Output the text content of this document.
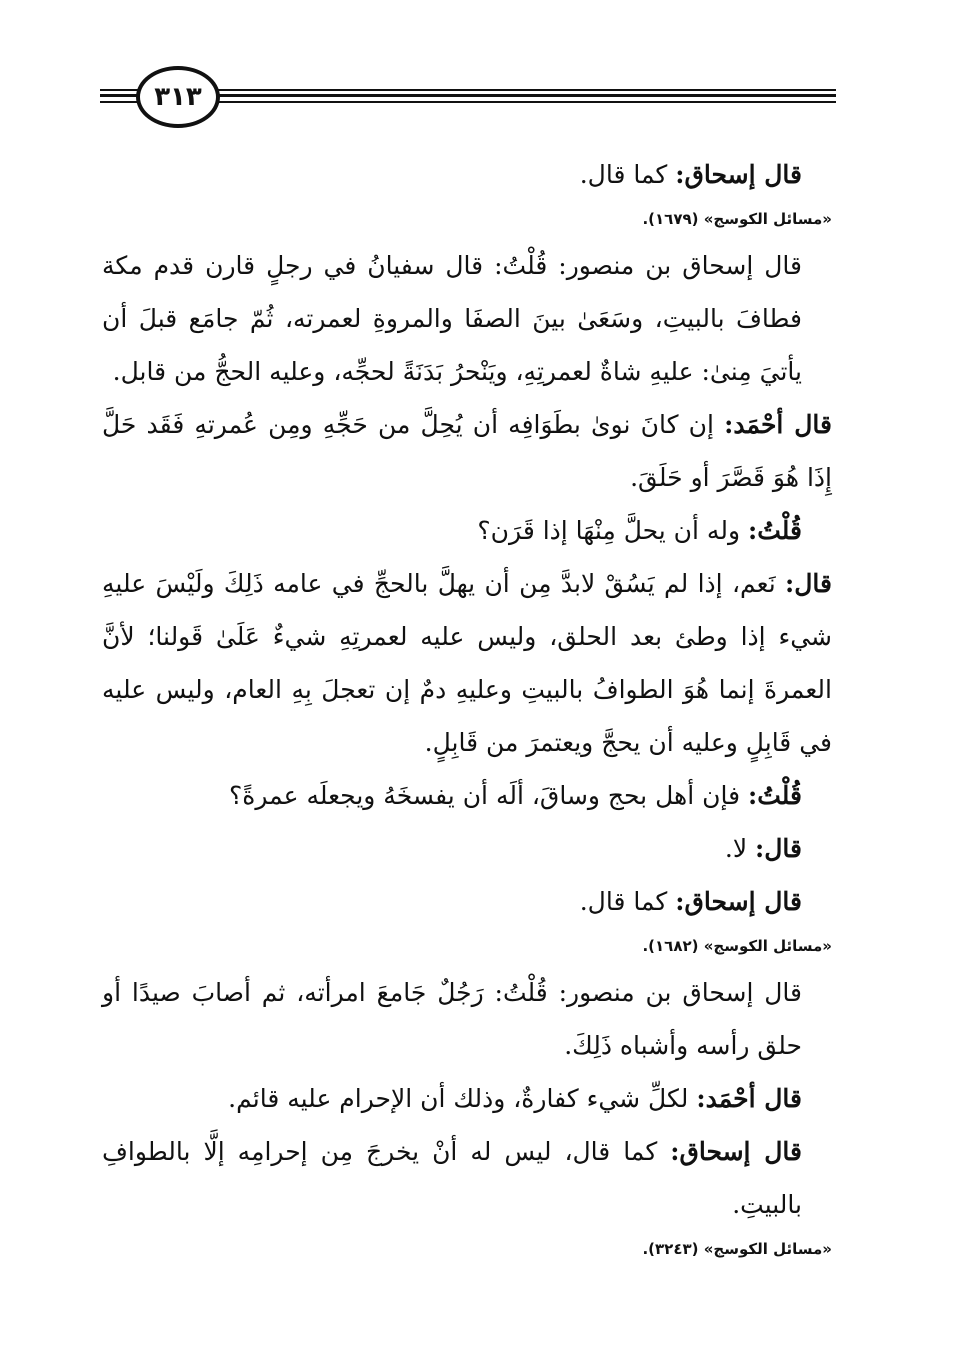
٣١٣

قال إسحاق: كما قال.

«مسائل الكوسج» (١٦٧٩).

قال إسحاق بن منصور: قُلْتُ: قال سفيانُ في رجلٍ قارن قدم مكة فطافَ بالبيتِ، وسَعَىٰ بينَ الصفَا والمروةِ لعمرته، ثُمّ جامَع قبلَ أن يأتيَ مِنىٰ: عليهِ شاةٌ لعمرتِهِ، ويَنْحرُ بَدَنَةً لحجِّه، وعليه الحجُّ من قابل.

قال أحْمَد: إن كانَ نوىٰ بطَوَافِه أن يُحِلَّ من حَجِّهِ ومِن عُمرتهِ فَقَد حَلَّ إِذَا هُوَ قَصَّرَ أو حَلَقَ.

قُلْتُ: وله أن يحلَّ مِنْهَا إذا قَرَن؟

قال: نَعم، إذا لم يَسُقْ لابدَّ مِن أن يهلَّ بالحجِّ في عامه ذَلِكَ ولَيْسَ عليهِ شيء إذا وطئ بعد الحلق، وليس عليه لعمرتِهِ شيءٌ عَلَىٰ قَولنا؛ لأنَّ العمرةَ إنما هُوَ الطوافُ بالبيتِ وعليهِ دمٌ إن تعجلَ بِهِ العام، وليس عليه في قَابِلٍ وعليه أن يحجَّ ويعتمرَ من قَابِلٍ.

قُلْتُ: فإن أهل بحج وساقَ، ألَه أن يفسخَهُ ويجعلَه عمرةً؟

قال: لا.

قال إسحاق: كما قال.

«مسائل الكوسج» (١٦٨٢).

قال إسحاق بن منصور: قُلْتُ: رَجُلٌ جَامعَ امرأته، ثم أصابَ صيدًا أو حلق رأسه وأشباه ذَلِكَ.

قال أحْمَد: لكلِّ شيء كفارةٌ، وذلك أن الإحرام عليه قائم.

قال إسحاق: كما قال، ليس له أنْ يخرجَ مِن إحرامِه إلَّا بالطوافِ بالبيتِ.

«مسائل الكوسج» (٣٢٤٣).
